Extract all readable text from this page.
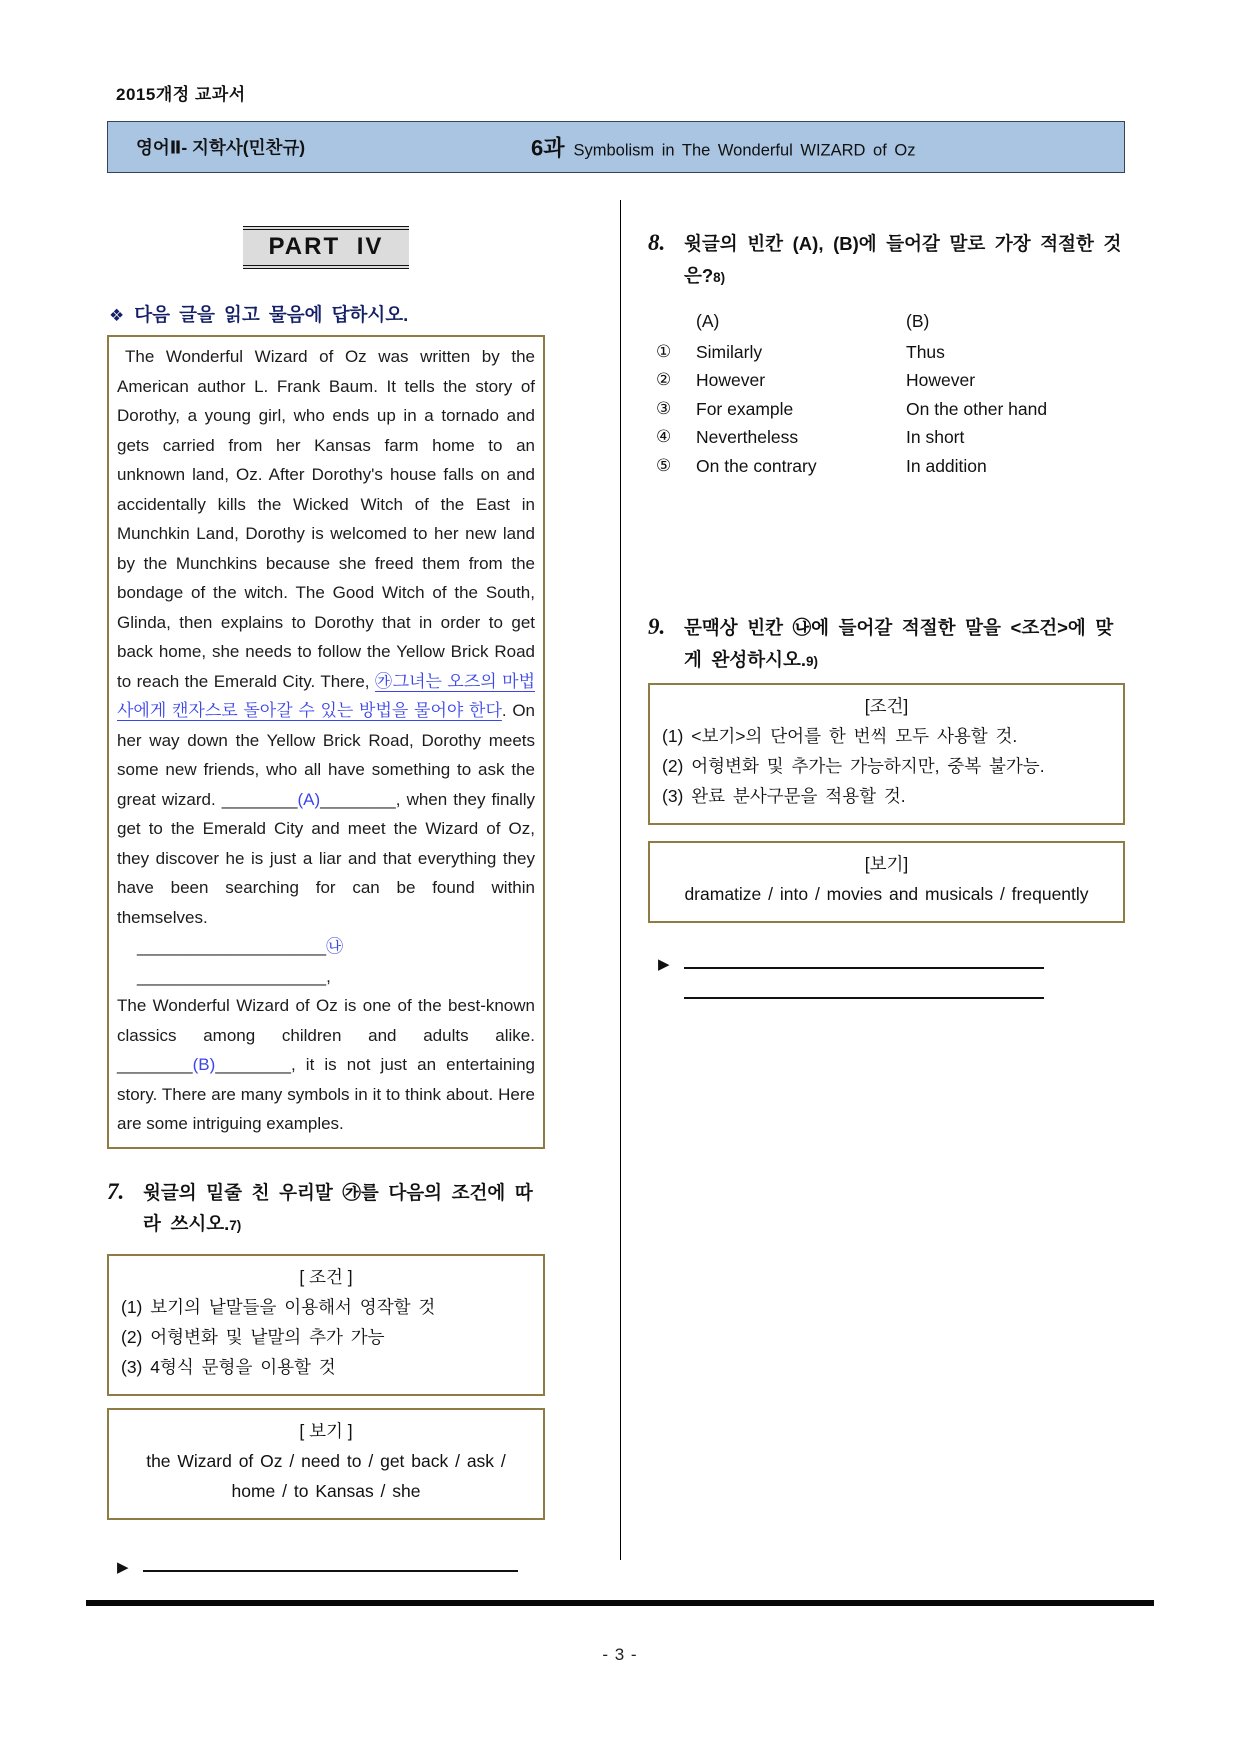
2015개정 교과서
영어Ⅱ- 지학사(민찬규)	6과 Symbolism in The Wonderful WIZARD of Oz
PART IV
❖ 다음 글을 읽고 물음에 답하시오.

The Wonderful Wizard of Oz was written by the American author L. Frank Baum. It tells the story of Dorothy, a young girl, who ends up in a tornado and gets carried from her Kansas farm home to an unknown land, Oz. After Dorothy's house falls on and accidentally kills the Wicked Witch of the East in Munchkin Land, Dorothy is welcomed to her new land by the Munchkins because she freed them from the bondage of the witch. The Good Witch of the South, Glinda, then explains to Dorothy that in order to get back home, she needs to follow the Yellow Brick Road to reach the Emerald City. There, ㉮그녀는 오즈의 마법사에게 캔자스로 돌아갈 수 있는 방법을 물어야 한다. On her way down the Yellow Brick Road, Dorothy meets some new friends, who all have something to ask the great wizard. ________(A)________, when they finally get to the Emerald City and meet the Wizard of Oz, they discover he is just a liar and that everything they have been searching for can be found within themselves.

____________________㉯____________________,

The Wonderful Wizard of Oz is one of the best-known classics among children and adults alike. ________(B)________, it is not just an entertaining story. There are many symbols in it to think about. Here are some intriguing examples.

7.	윗글의 밑줄 친 우리말 ㉮를 다음의 조건에 따라 쓰시오.7)
[ 조건 ]
(1) 보기의 낱말들을 이용해서 영작할 것
(2) 어형변화 및 낱말의 추가 가능
(3) 4형식 문형을 이용할 것
[ 보기 ]
the Wizard of Oz / need to / get back / ask / home / to Kansas / she
▶
8.	윗글의 빈칸 (A), (B)에 들어갈 말로 가장 적절한 것은?8)
(A)	(B)
①	Similarly	Thus
②	However	However
③	For example	On the other hand
④	Nevertheless	In short
⑤	On the contrary	In addition
9.	문맥상 빈칸 ㉯에 들어갈 적절한 말을 <조건>에 맞게 완성하시오.9)
[조건]
(1) <보기>의 단어를 한 번씩 모두 사용할 것.
(2) 어형변화 및 추가는 가능하지만, 중복 불가능.
(3) 완료 분사구문을 적용할 것.
[보기]
dramatize / into / movies and musicals / frequently
▶
- 3 -
